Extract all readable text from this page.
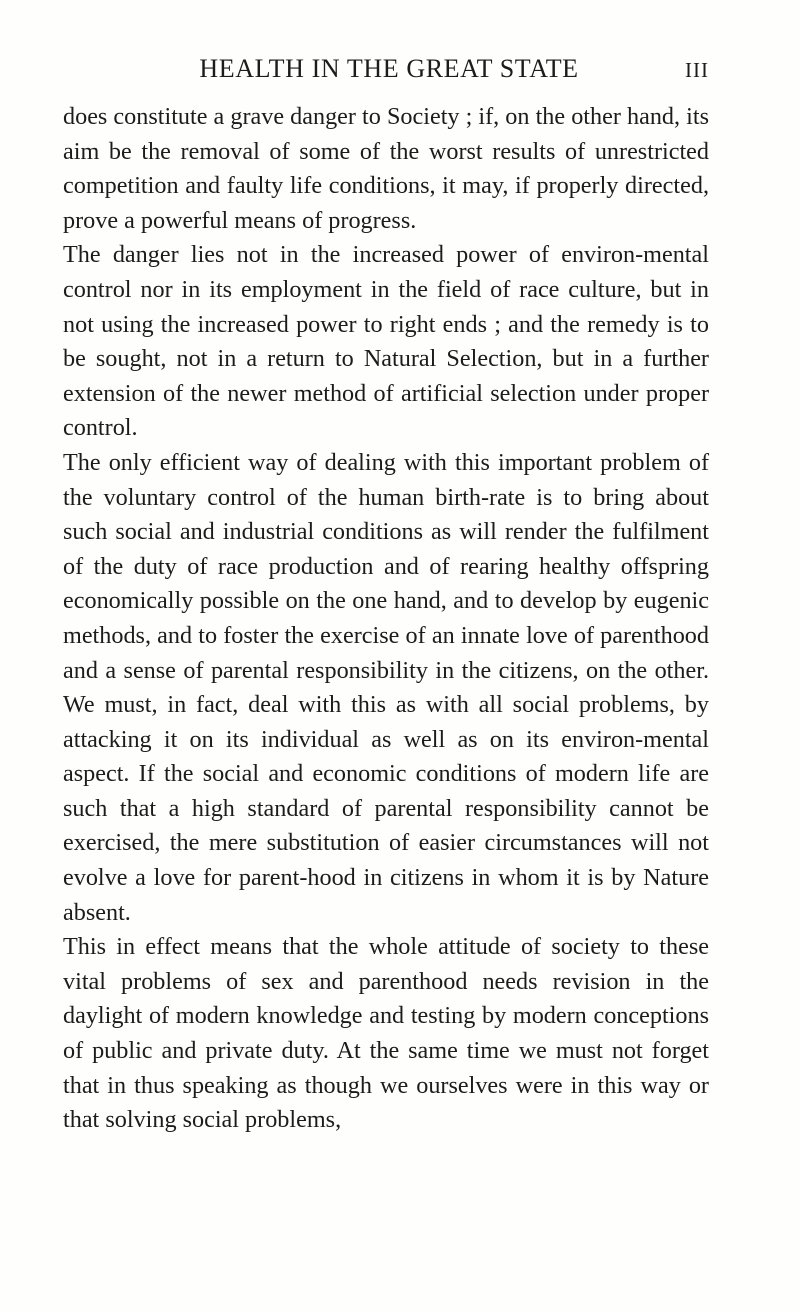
HEALTH IN THE GREAT STATE	III

does constitute a grave danger to Society ; if, on the other hand, its aim be the removal of some of the worst results of unrestricted competition and faulty life conditions, it may, if properly directed, prove a powerful means of progress.

The danger lies not in the increased power of environ-mental control nor in its employment in the field of race culture, but in not using the increased power to right ends ; and the remedy is to be sought, not in a return to Natural Selection, but in a further extension of the newer method of artificial selection under proper control.

The only efficient way of dealing with this important problem of the voluntary control of the human birth-rate is to bring about such social and industrial conditions as will render the fulfilment of the duty of race production and of rearing healthy offspring economically possible on the one hand, and to develop by eugenic methods, and to foster the exercise of an innate love of parenthood and a sense of parental responsibility in the citizens, on the other. We must, in fact, deal with this as with all social problems, by attacking it on its individual as well as on its environ-mental aspect. If the social and economic conditions of modern life are such that a high standard of parental responsibility cannot be exercised, the mere substitution of easier circumstances will not evolve a love for parent-hood in citizens in whom it is by Nature absent.

This in effect means that the whole attitude of society to these vital problems of sex and parenthood needs revision in the daylight of modern knowledge and testing by modern conceptions of public and private duty. At the same time we must not forget that in thus speaking as though we ourselves were in this way or that solving social problems,
